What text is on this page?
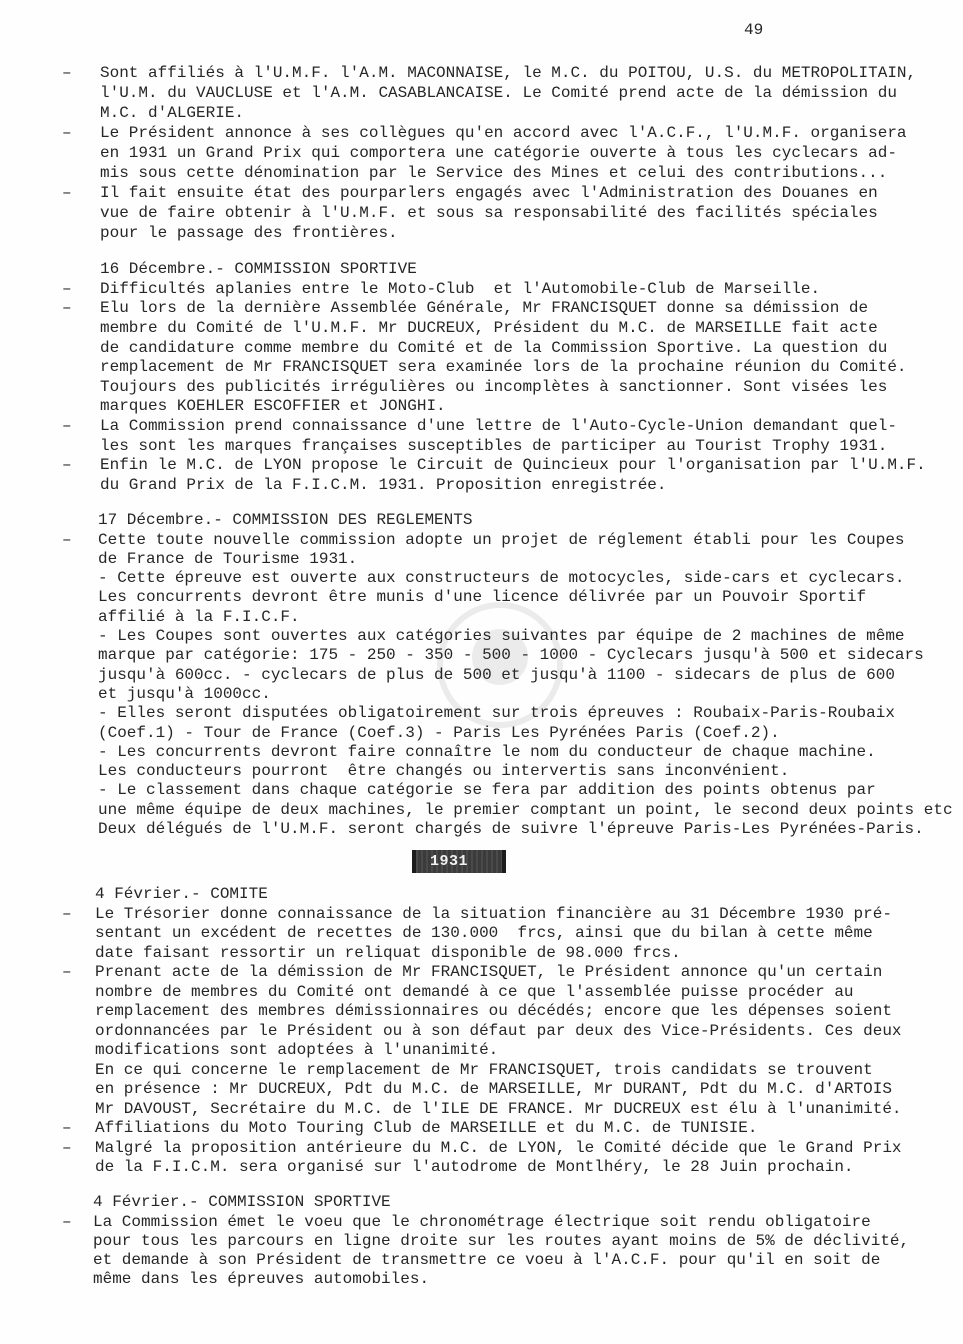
49
1931
– Sont affiliés à l'U.M.F. l'A.M. MACONNAISE, le M.C. du POITOU, U.S. du METROPOLITAIN,
l'U.M. du VAUCLUSE et l'A.M. CASABLANCAISE. Le Comité prend acte de la démission du
M.C. d'ALGERIE.
– Le Président annonce à ses collègues qu'en accord avec l'A.C.F., l'U.M.F. organisera
en 1931 un Grand Prix qui comportera une catégorie ouverte à tous les cyclecars ad-
mis sous cette dénomination par le Service des Mines et celui des contributions...
– Il fait ensuite état des pourparlers engagés avec l'Administration des Douanes en
vue de faire obtenir à l'U.M.F. et sous sa responsabilité des facilités spéciales
pour le passage des frontières.
16 Décembre.- COMMISSION SPORTIVE
– Difficultés aplanies entre le Moto-Club  et l'Automobile-Club de Marseille.
– Elu lors de la dernière Assemblée Générale, Mr FRANCISQUET donne sa démission de
membre du Comité de l'U.M.F. Mr DUCREUX, Président du M.C. de MARSEILLE fait acte
de candidature comme membre du Comité et de la Commission Sportive. La question du
remplacement de Mr FRANCISQUET sera examinée lors de la prochaine réunion du Comité.
Toujours des publicités irrégulières ou incomplètes à sanctionner. Sont visées les
marques KOEHLER ESCOFFIER et JONGHI.
– La Commission prend connaissance d'une lettre de l'Auto-Cycle-Union demandant quel-
les sont les marques françaises susceptibles de participer au Tourist Trophy 1931.
– Enfin le M.C. de LYON propose le Circuit de Quincieux pour l'organisation par l'U.M.F.
du Grand Prix de la F.I.C.M. 1931. Proposition enregistrée.
17 Décembre.- COMMISSION DES REGLEMENTS
– Cette toute nouvelle commission adopte un projet de réglement établi pour les Coupes
de France de Tourisme 1931.
- Cette épreuve est ouverte aux constructeurs de motocycles, side-cars et cyclecars.
Les concurrents devront être munis d'une licence délivrée par un Pouvoir Sportif
affilié à la F.I.C.F.
- Les Coupes sont ouvertes aux catégories suivantes par équipe de 2 machines de même
marque par catégorie: 175 - 250 - 350 - 500 - 1000 - Cyclecars jusqu'à 500 et sidecars
jusqu'à 600cc. - cyclecars de plus de 500 et jusqu'à 1100 - sidecars de plus de 600
et jusqu'à 1000cc.
- Elles seront disputées obligatoirement sur trois épreuves : Roubaix-Paris-Roubaix
(Coef.1) - Tour de France (Coef.3) - Paris Les Pyrénées Paris (Coef.2).
- Les concurrents devront faire connaître le nom du conducteur de chaque machine.
Les conducteurs pourront  être changés ou intervertis sans inconvénient.
- Le classement dans chaque catégorie se fera par addition des points obtenus par
une même équipe de deux machines, le premier comptant un point, le second deux points etc
Deux délégués de l'U.M.F. seront chargés de suivre l'épreuve Paris-Les Pyrénées-Paris.
4 Février.- COMITE
– Le Trésorier donne connaissance de la situation financière au 31 Décembre 1930 pré-
sentant un excédent de recettes de 130.000  frcs, ainsi que du bilan à cette même
date faisant ressortir un reliquat disponible de 98.000 frcs.
– Prenant acte de la démission de Mr FRANCISQUET, le Président annonce qu'un certain
nombre de membres du Comité ont demandé à ce que l'assemblée puisse procéder au
remplacement des membres démissionnaires ou décédés; encore que les dépenses soient
ordonnancées par le Président ou à son défaut par deux des Vice-Présidents. Ces deux
modifications sont adoptées à l'unanimité.
En ce qui concerne le remplacement de Mr FRANCISQUET, trois candidats se trouvent
en présence : Mr DUCREUX, Pdt du M.C. de MARSEILLE, Mr DURANT, Pdt du M.C. d'ARTOIS
Mr DAVOUST, Secrétaire du M.C. de l'ILE DE FRANCE. Mr DUCREUX est élu à l'unanimité.
– Affiliations du Moto Touring Club de MARSEILLE et du M.C. de TUNISIE.
– Malgré la proposition antérieure du M.C. de LYON, le Comité décide que le Grand Prix
de la F.I.C.M. sera organisé sur l'autodrome de Montlhéry, le 28 Juin prochain.
4 Février.- COMMISSION SPORTIVE
– La Commission émet le voeu que le chronométrage électrique soit rendu obligatoire
pour tous les parcours en ligne droite sur les routes ayant moins de 5% de déclivité,
et demande à son Président de transmettre ce voeu à l'A.C.F. pour qu'il en soit de
même dans les épreuves automobiles.
